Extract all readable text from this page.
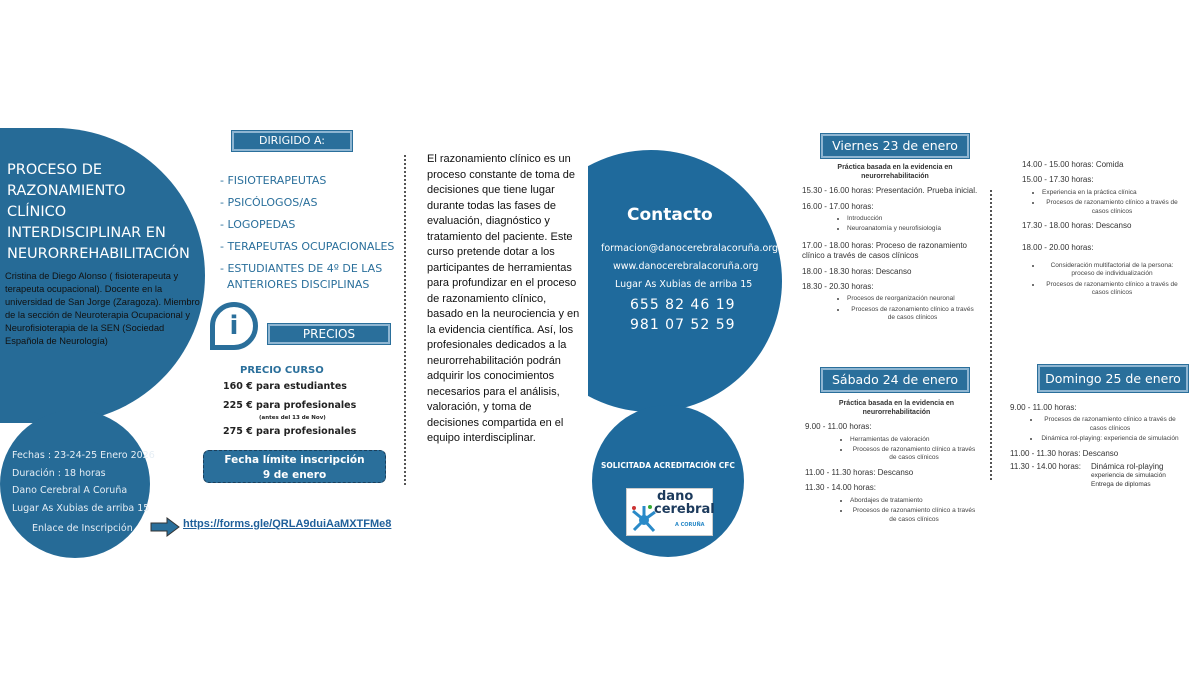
PROCESO DE
RAZONAMIENTO
CLÍNICO
INTERDISCIPLINAR EN
NEURORREHABILITACIÓN
Cristina de Diego Alonso ( fisioterapeuta y terapeuta ocupacional). Docente en la universidad de San Jorge (Zaragoza). Miembro de la sección de Neuroterapia Ocupacional y Neurofisioterapia de la SEN (Sociedad Española de Neurología)
Fechas : 23-24-25 Enero 2026
Duración : 18 horas
Dano Cerebral A Coruña
Lugar As Xubias de arriba 15
Enlace de Inscripción	https://forms.gle/QRLA9duiAaMXTFMe8
DIRIGIDO A:
- FISIOTERAPEUTAS
- PSICÓLOGOS/AS
- LOGOPEDAS
- TERAPEUTAS OCUPACIONALES
- ESTUDIANTES DE 4º DE LAS
ANTERIORES DISCIPLINAS
i	PRECIOS
PRECIO CURSO
160 € para estudiantes
225 € para profesionales
(antes del 13 de Nov)
275 € para profesionales
Fecha límite inscripción
9 de enero
El razonamiento clínico es un proceso constante de toma de decisiones que tiene lugar durante todas las fases de evaluación, diagnóstico y tratamiento del paciente. Este curso pretende dotar a los participantes de herramientas para profundizar en el proceso de razonamiento clínico, basado en la neurociencia y en la evidencia científica. Así, los profesionales dedicados a la neurorrehabilitación podrán adquirir los conocimientos necesarios para el análisis, valoración, y toma de decisiones compartida en el equipo interdisciplinar.
Contacto
formacion@danocerebralacoruña.org
www.danocerebralacoruña.org
Lugar As Xubias de arriba 15
655 82 46 19
981 07 52 59
SOLICITADA ACREDITACIÓN CFC
dano
cerebral
A CORUÑA
Viernes 23 de enero
Práctica basada en la evidencia en neurorrehabilitación
15.30 - 16.00 horas: Presentación. Prueba inicial.
16.00 - 17.00 horas:
• Introducción
• Neuroanatomía y neurofisiología
17.00 - 18.00 horas: Proceso de razonamiento clínico a través de casos clínicos
18.00 - 18.30 horas: Descanso
18.30 - 20.30 horas:
• Procesos de reorganización neuronal
• Procesos de razonamiento clínico a través de casos clínicos
Sábado 24 de enero
Práctica basada en la evidencia en neurorrehabilitación
9.00 - 11.00 horas:
• Herramientas de valoración
• Procesos de razonamiento clínico a través de casos clínicos
11.00 - 11.30 horas: Descanso
11.30 - 14.00 horas:
• Abordajes de tratamiento
• Procesos de razonamiento clínico a través de casos clínicos
14.00 - 15.00 horas: Comida
15.00 - 17.30 horas:
• Experiencia en la práctica clínica
• Procesos de razonamiento clínico a través de casos clínicos
17.30 - 18.00 horas: Descanso
18.00 - 20.00 horas:
• Consideración multifactorial de la persona: proceso de individualización
• Procesos de razonamiento clínico a través de casos clínicos
Domingo 25 de enero
9.00 - 11.00 horas:
• Procesos de razonamiento clínico a través de casos clínicos
• Dinámica rol-playing: experiencia de simulación
11.00 - 11.30 horas: Descanso
11.30 - 14.00 horas: Dinámica rol-playing
experiencia de simulación
Entrega de diplomas
